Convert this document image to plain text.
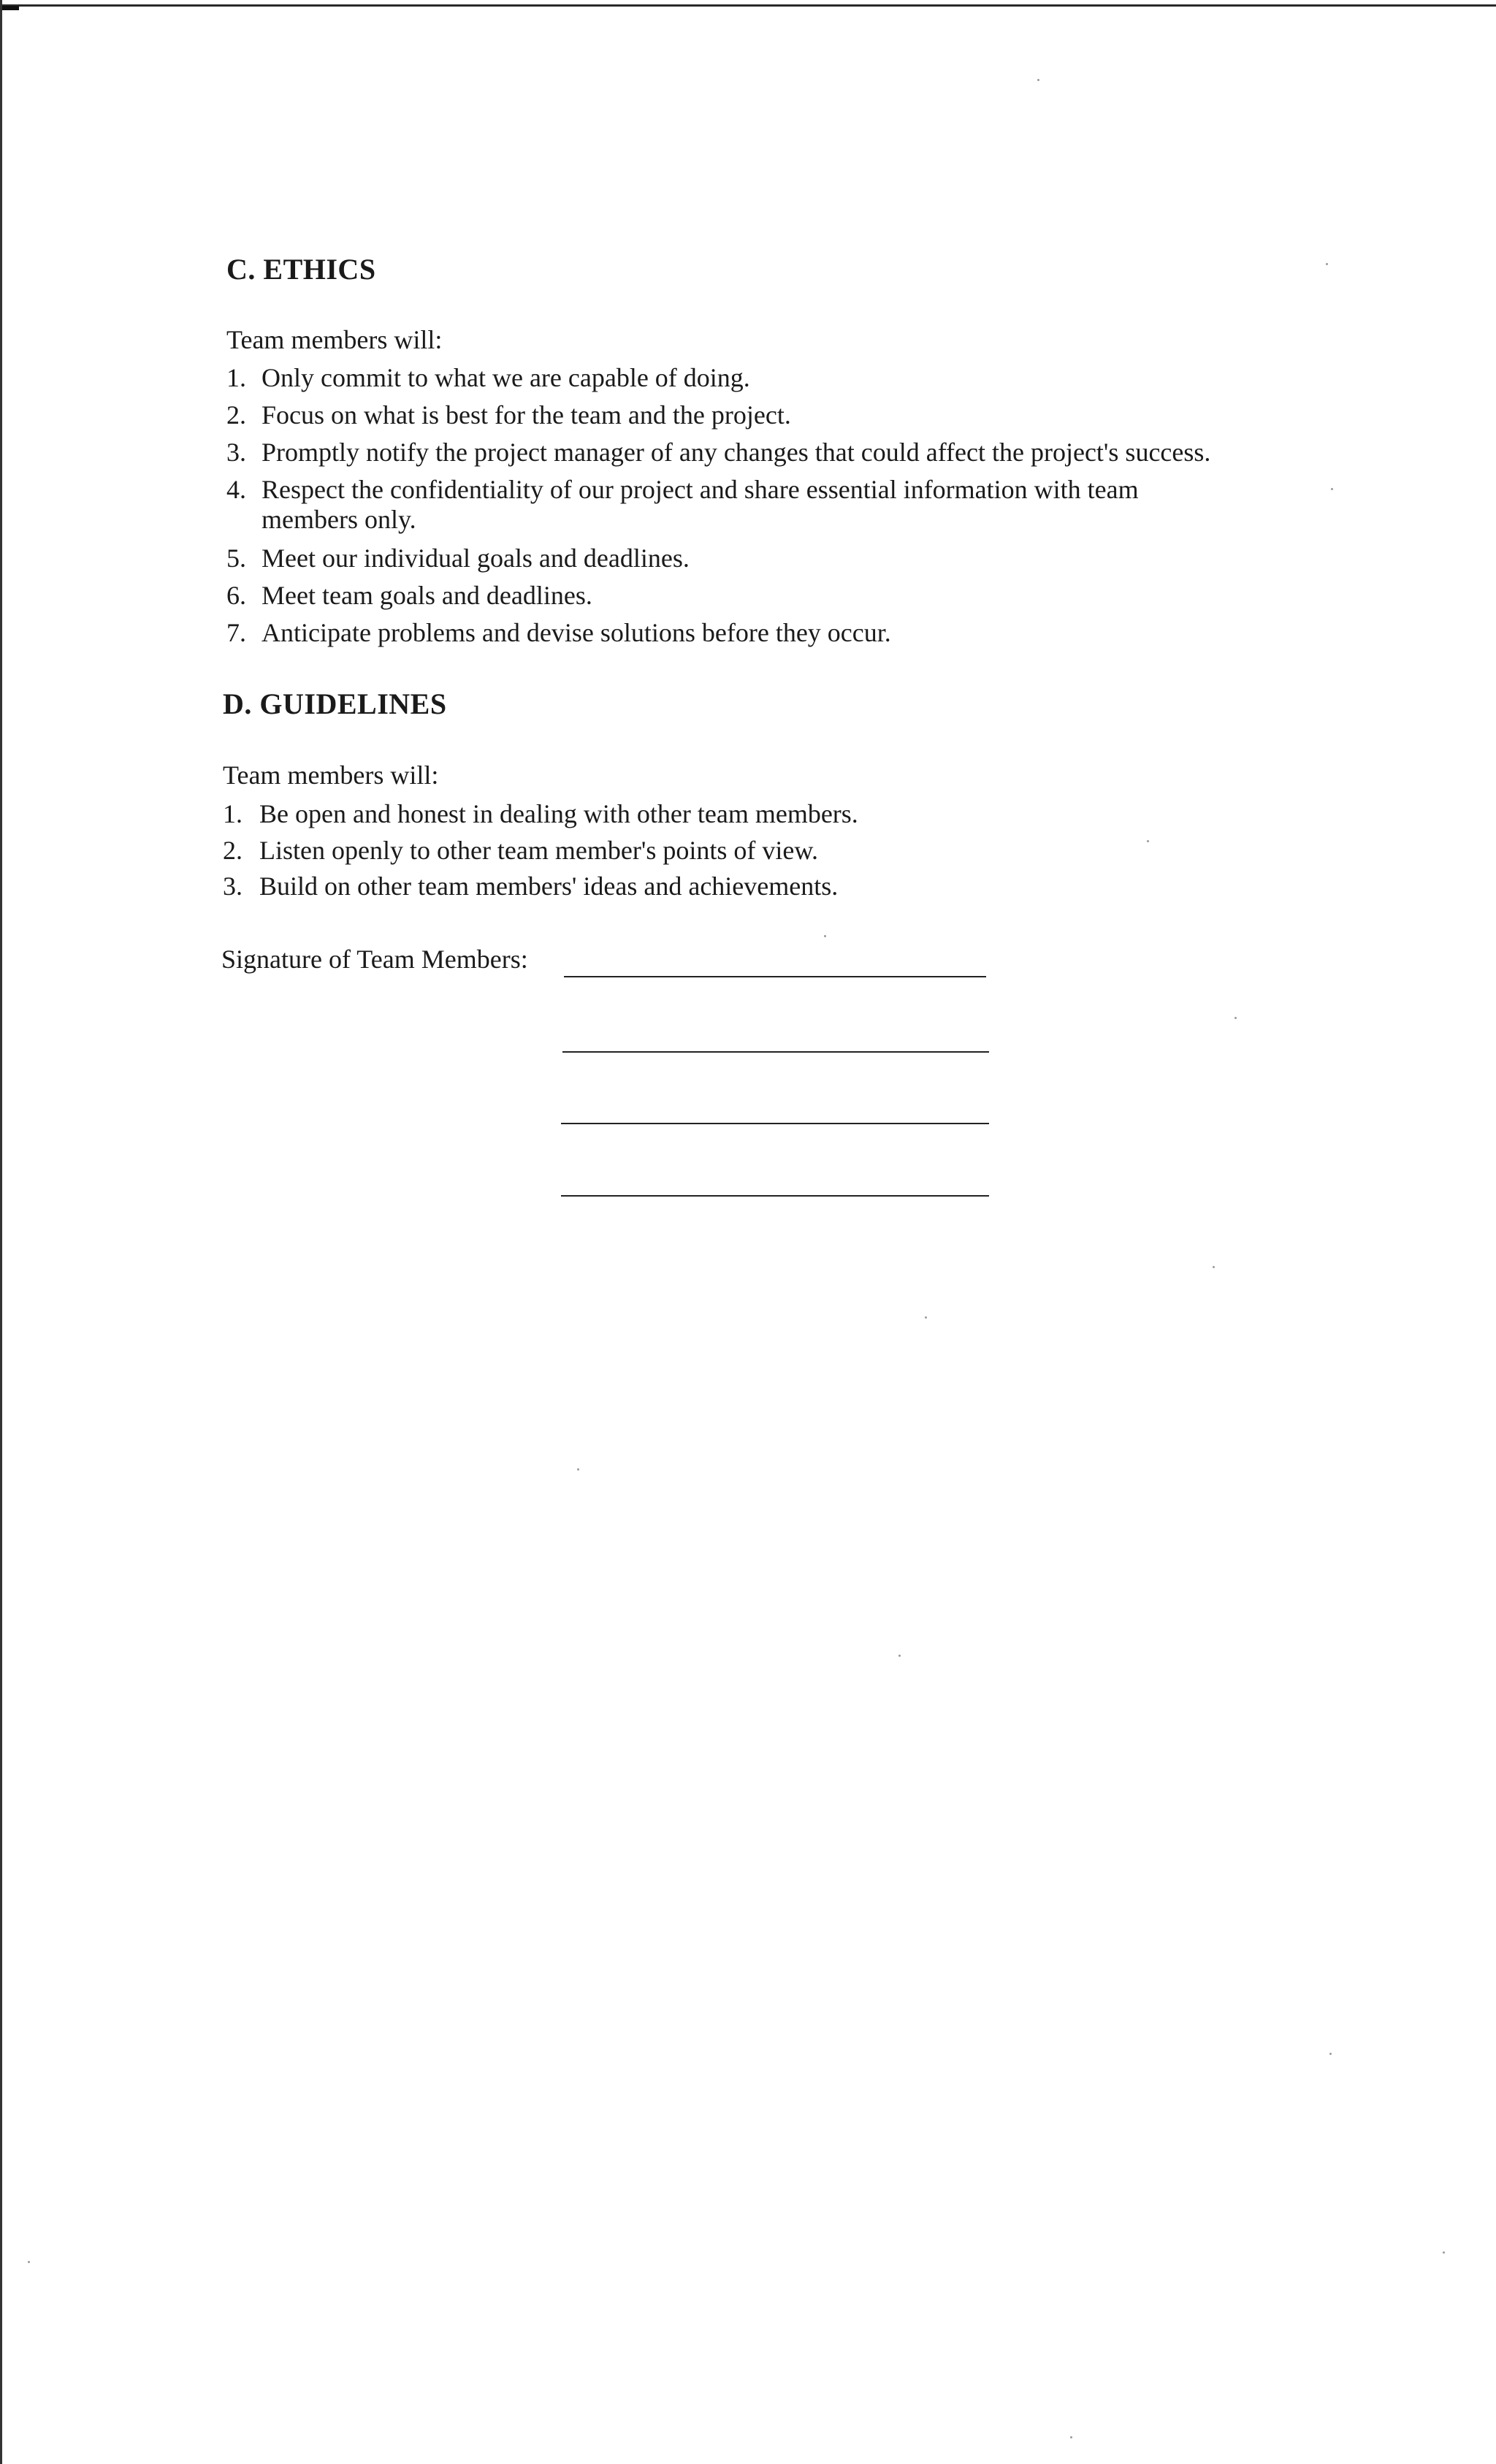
C. ETHICS
Team members will:
1. Only commit to what we are capable of doing.
2. Focus on what is best for the team and the project.
3. Promptly notify the project manager of any changes that could affect the project's success.
4. Respect the confidentiality of our project and share essential information with team
members only.
5. Meet our individual goals and deadlines.
6. Meet team goals and deadlines.
7. Anticipate problems and devise solutions before they occur.
D. GUIDELINES
Team members will:
1. Be open and honest in dealing with other team members.
2. Listen openly to other team member's points of view.
3. Build on other team members' ideas and achievements.
Signature of Team Members:
